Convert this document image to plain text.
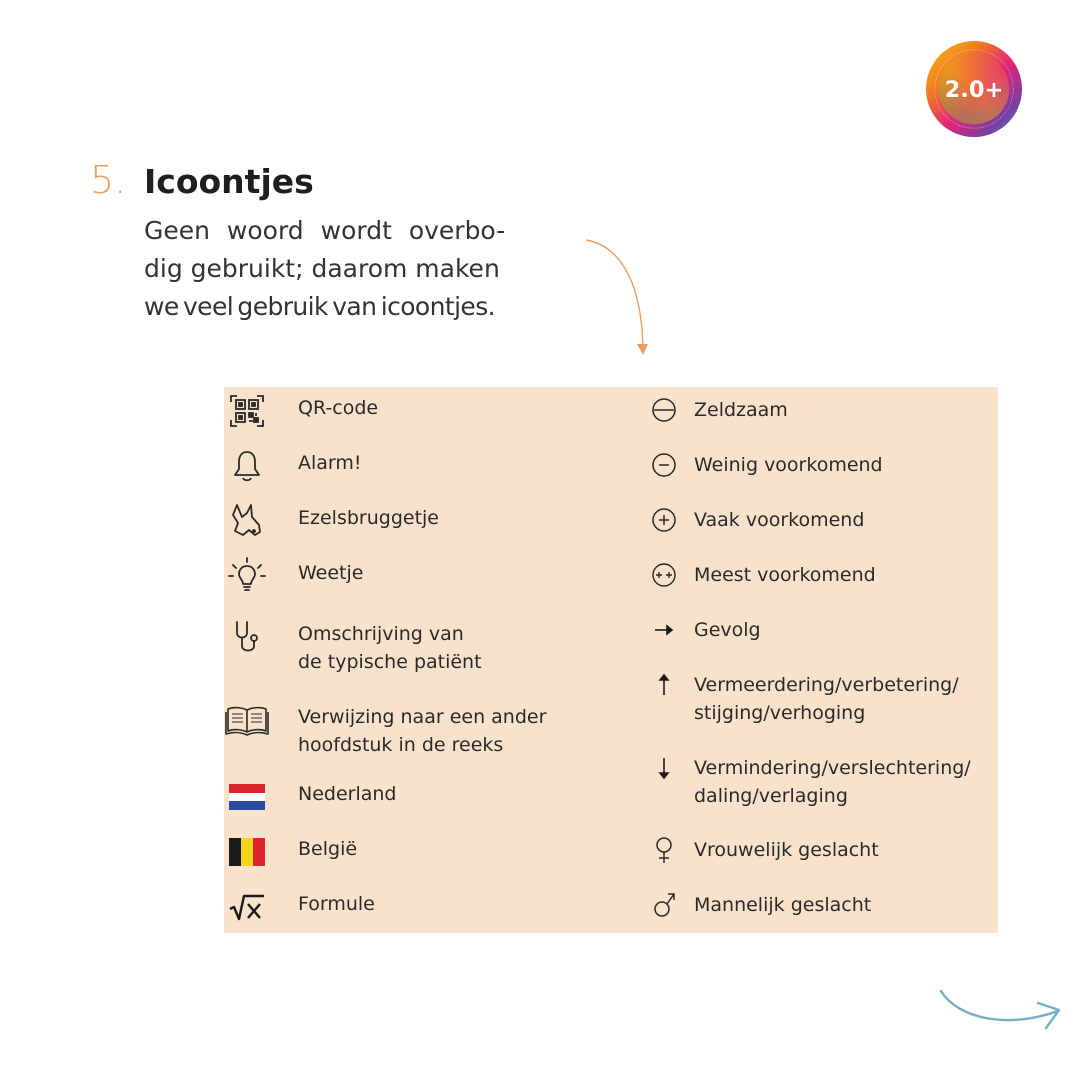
2.0+
5. Icoontjes
Geen woord wordt overbo-
dig gebruikt; daarom maken
we veel gebruik van icoontjes.
QR-code
Alarm!
Ezelsbruggetje
Weetje
Omschrijving van
de typische patiënt
Verwijzing naar een ander
hoofdstuk in de reeks
Nederland
België
Formule
Zeldzaam
Weinig voorkomend
Vaak voorkomend
Meest voorkomend
Gevolg
Vermeerdering/verbetering/
stijging/verhoging
Vermindering/verslechtering/
daling/verlaging
Vrouwelijk geslacht
Mannelijk geslacht
